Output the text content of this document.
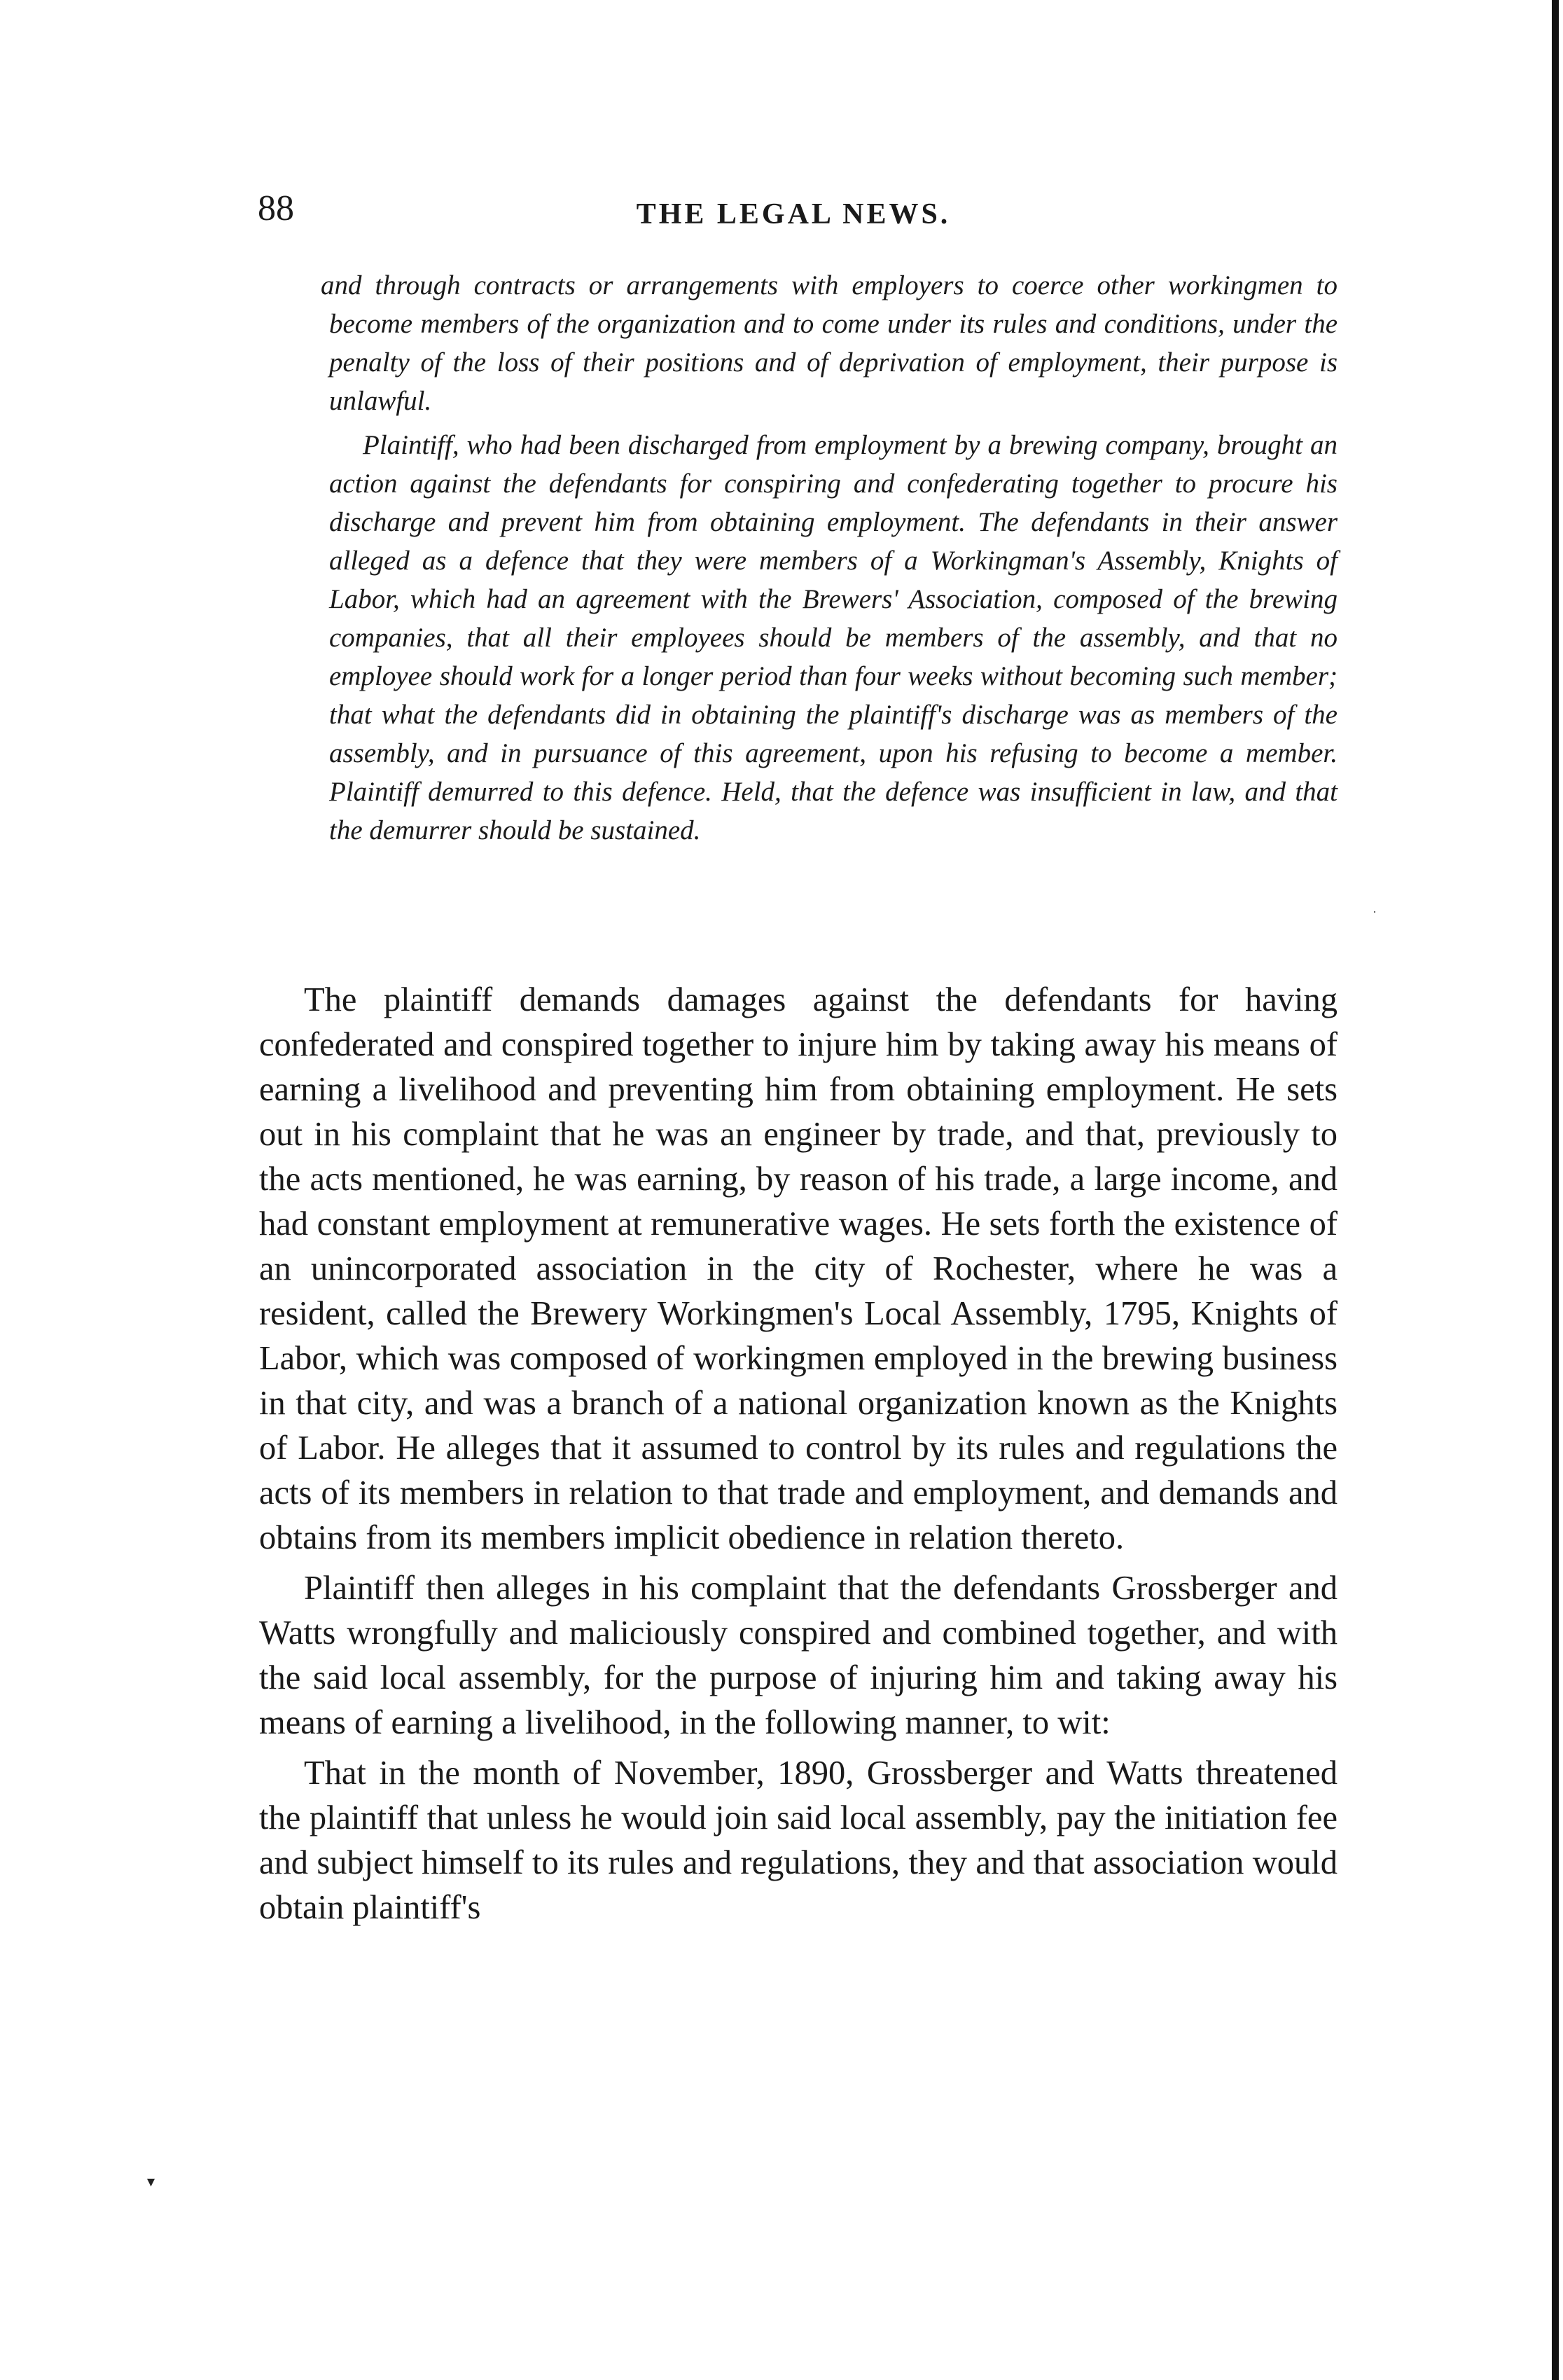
88	THE LEGAL NEWS.

and through contracts or arrangements with employers to coerce other workingmen to become members of the organization and to come under its rules and conditions, under the penalty of the loss of their positions and of deprivation of employment, their purpose is unlawful.

Plaintiff, who had been discharged from employment by a brewing company, brought an action against the defendants for conspiring and confederating together to procure his discharge and prevent him from obtaining employment. The defendants in their answer alleged as a defence that they were members of a Workingman's Assembly, Knights of Labor, which had an agreement with the Brewers' Association, composed of the brewing companies, that all their employees should be members of the assembly, and that no employee should work for a longer period than four weeks without becoming such member; that what the defendants did in obtaining the plaintiff's discharge was as members of the assembly, and in pursuance of this agreement, upon his refusing to become a member. Plaintiff demurred to this defence. Held, that the defence was insufficient in law, and that the demurrer should be sustained.

The plaintiff demands damages against the defendants for having confederated and conspired together to injure him by taking away his means of earning a livelihood and preventing him from obtaining employment. He sets out in his complaint that he was an engineer by trade, and that, previously to the acts mentioned, he was earning, by reason of his trade, a large income, and had constant employment at remunerative wages. He sets forth the existence of an unincorporated association in the city of Rochester, where he was a resident, called the Brewery Workingmen's Local Assembly, 1795, Knights of Labor, which was composed of workingmen employed in the brewing business in that city, and was a branch of a national organization known as the Knights of Labor. He alleges that it assumed to control by its rules and regulations the acts of its members in relation to that trade and employment, and demands and obtains from its members implicit obedience in relation thereto.

Plaintiff then alleges in his complaint that the defendants Grossberger and Watts wrongfully and maliciously conspired and combined together, and with the said local assembly, for the purpose of injuring him and taking away his means of earning a livelihood, in the following manner, to wit:

That in the month of November, 1890, Grossberger and Watts threatened the plaintiff that unless he would join said local assembly, pay the initiation fee and subject himself to its rules and regulations, they and that association would obtain plaintiff's

·
▾
